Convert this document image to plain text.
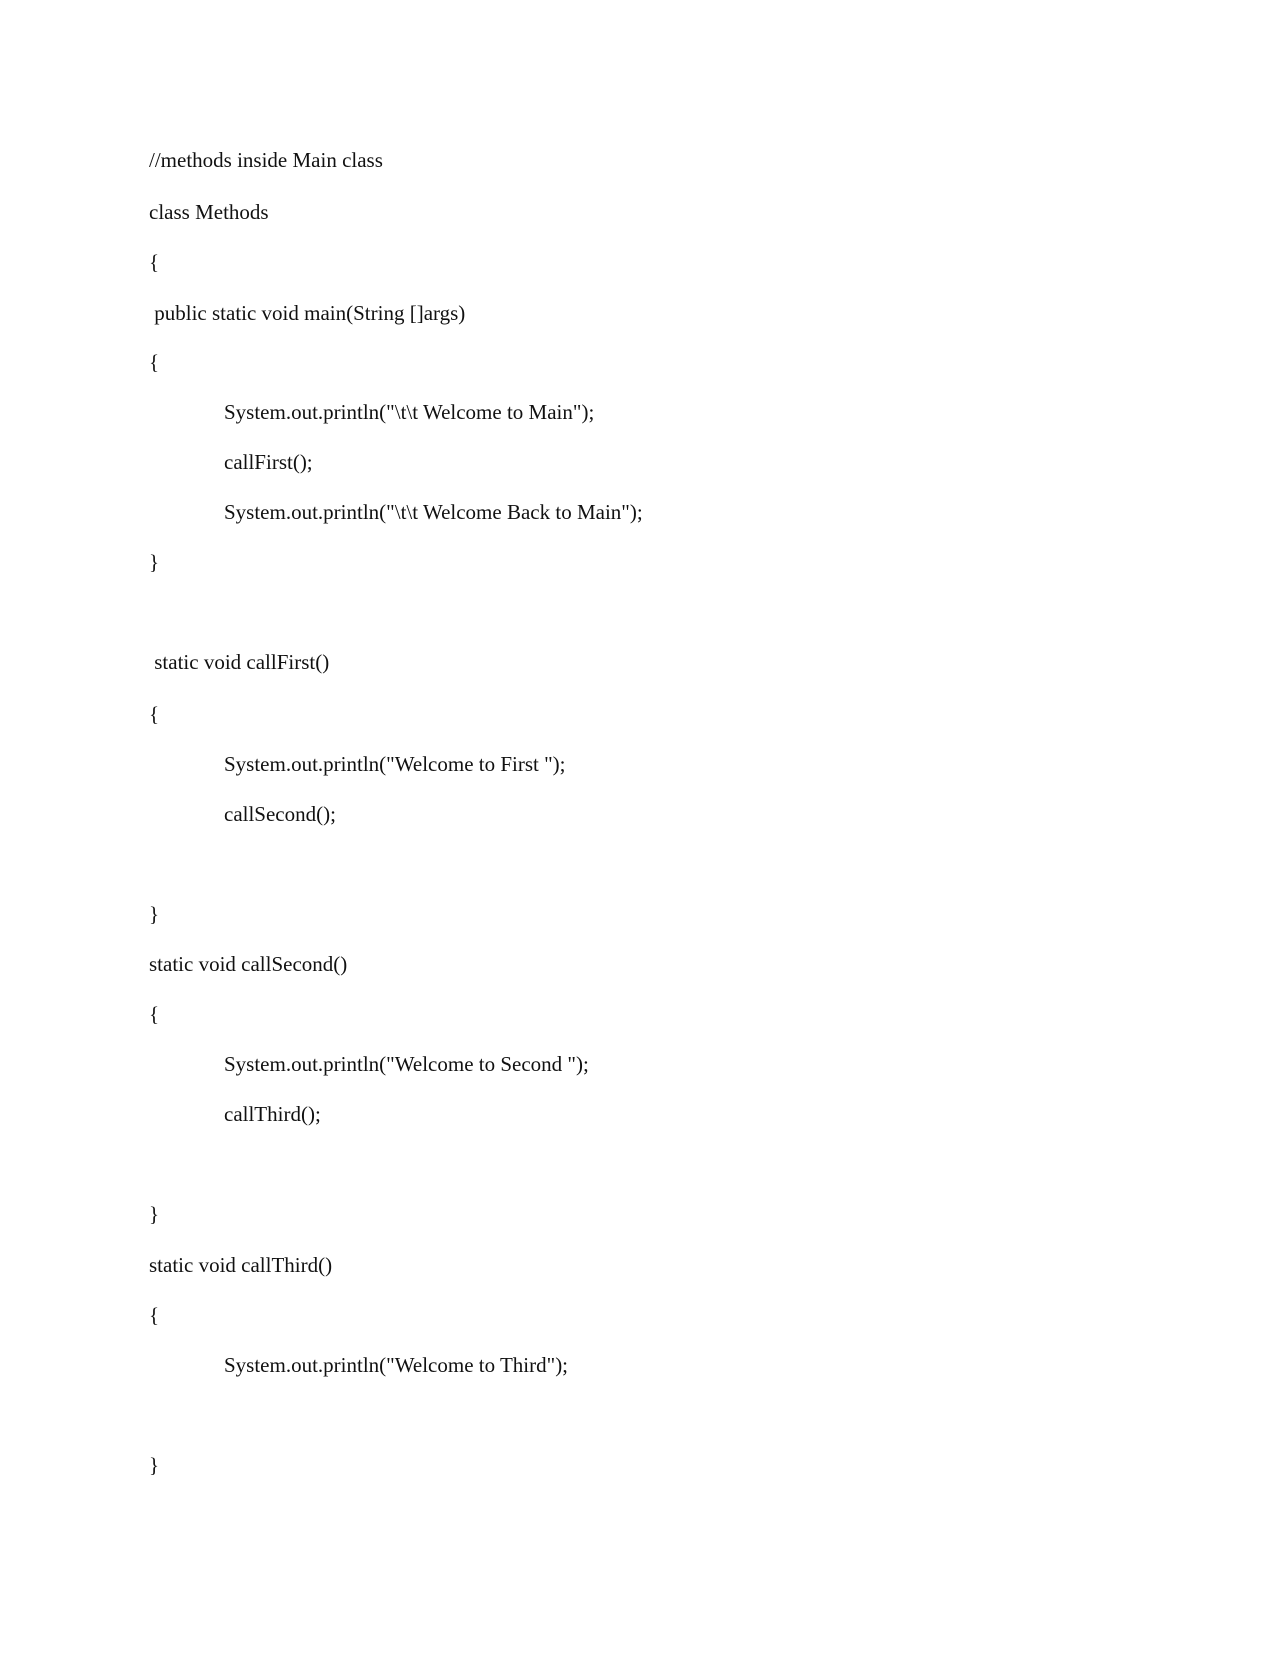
//methods inside Main class

class Methods

{

public static void main(String []args)

{

System.out.println("\t\t Welcome to Main");

callFirst();

System.out.println("\t\t Welcome Back to Main");

}

static void callFirst()

{

System.out.println("Welcome to First ");

callSecond();

}

static void callSecond()

{

System.out.println("Welcome to Second ");

callThird();

}

static void callThird()

{

System.out.println("Welcome to Third");

}
